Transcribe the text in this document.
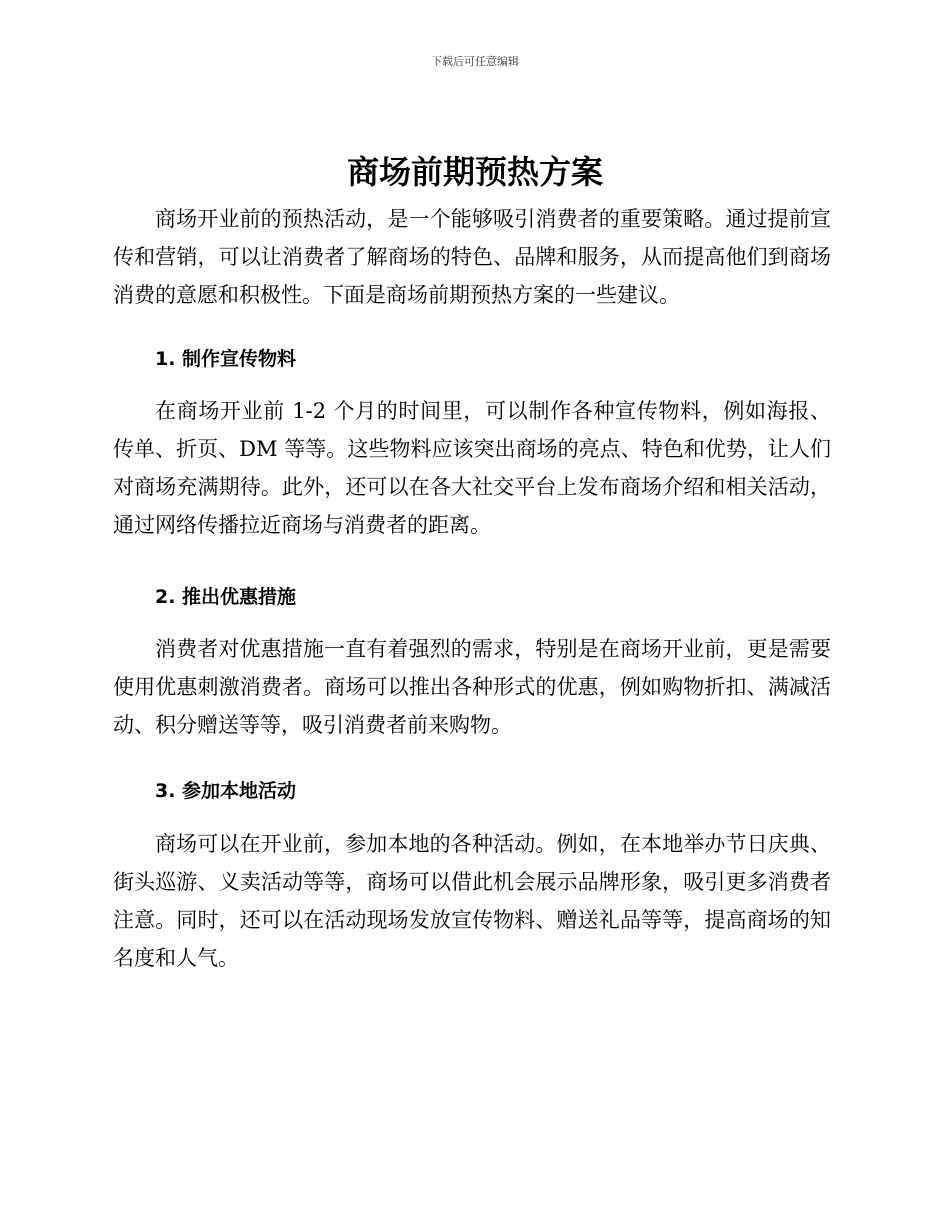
下载后可任意编辑
商场前期预热方案

商场开业前的预热活动，是一个能够吸引消费者的重要策略。通过提前宣传和营销，可以让消费者了解商场的特色、品牌和服务，从而提高他们到商场消费的意愿和积极性。下面是商场前期预热方案的一些建议。

1. 制作宣传物料

在商场开业前 1-2 个月的时间里，可以制作各种宣传物料，例如海报、传单、折页、DM 等等。这些物料应该突出商场的亮点、特色和优势，让人们对商场充满期待。此外，还可以在各大社交平台上发布商场介绍和相关活动，通过网络传播拉近商场与消费者的距离。

2. 推出优惠措施

消费者对优惠措施一直有着强烈的需求，特别是在商场开业前，更是需要使用优惠刺激消费者。商场可以推出各种形式的优惠，例如购物折扣、满减活动、积分赠送等等，吸引消费者前来购物。

3. 参加本地活动

商场可以在开业前，参加本地的各种活动。例如，在本地举办节日庆典、街头巡游、义卖活动等等，商场可以借此机会展示品牌形象，吸引更多消费者注意。同时，还可以在活动现场发放宣传物料、赠送礼品等等，提高商场的知名度和人气。
